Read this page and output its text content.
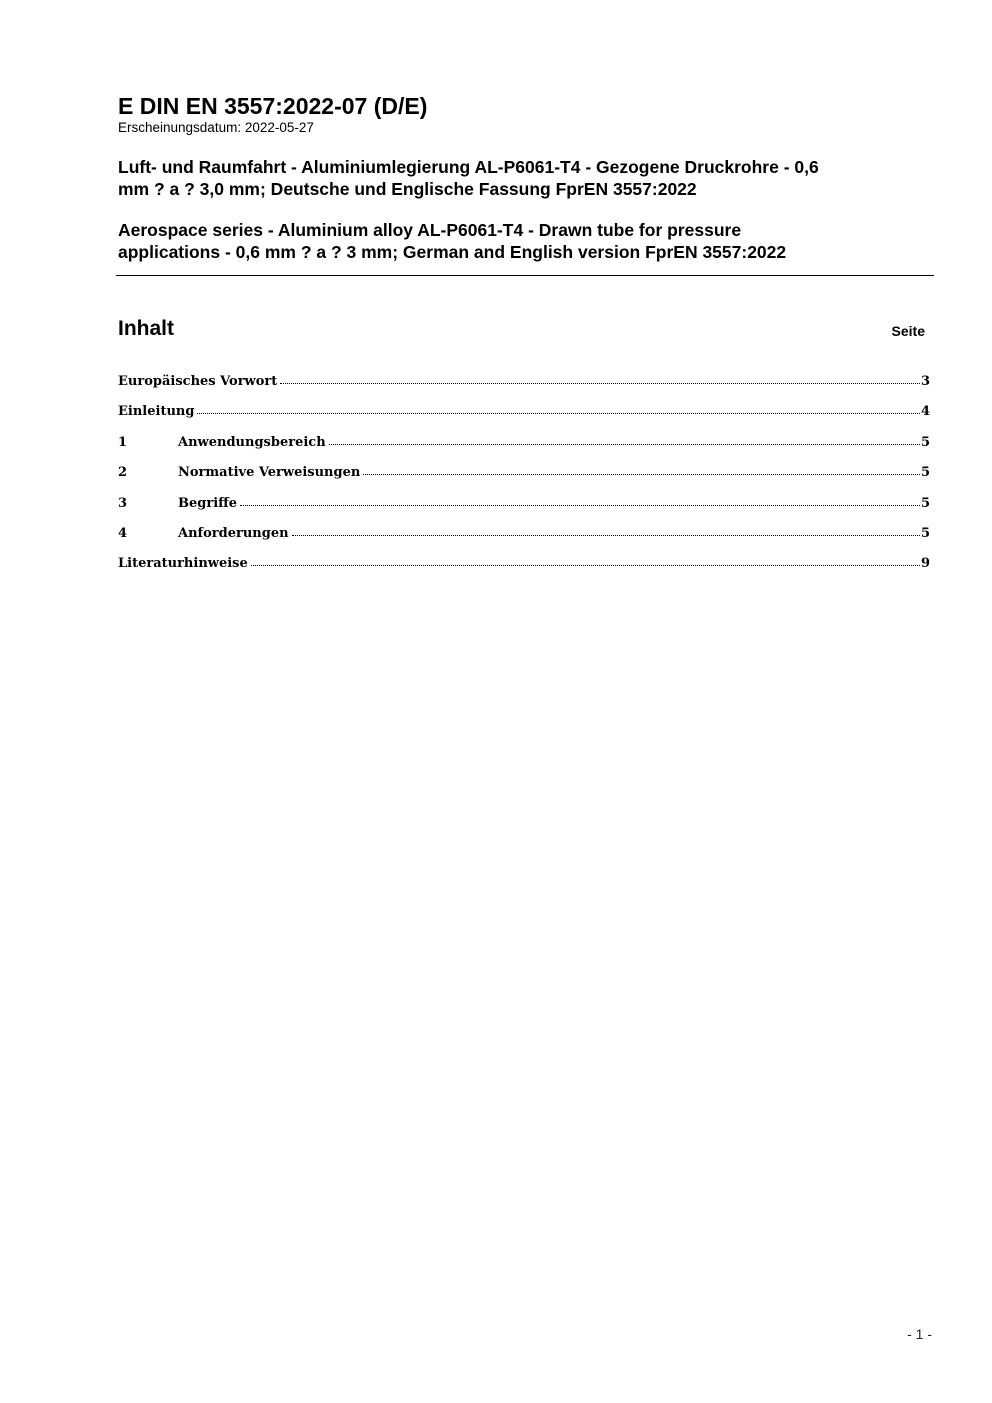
E DIN EN 3557:2022-07 (D/E)

Erscheinungsdatum: 2022-05-27

Luft- und Raumfahrt - Aluminiumlegierung AL-P6061-T4 - Gezogene Druckrohre - 0,6
mm ? a ? 3,0 mm; Deutsche und Englische Fassung FprEN 3557:2022
Aerospace series - Aluminium alloy AL-P6061-T4 - Drawn tube for pressure
applications - 0,6 mm ? a ? 3 mm; German and English version FprEN 3557:2022
Inhalt	Seite
Europäisches Vorwort	3
Einleitung	4
1	Anwendungsbereich	5
2	Normative Verweisungen	5
3	Begriffe	5
4	Anforderungen	5
Literaturhinweise	9
- 1 -
